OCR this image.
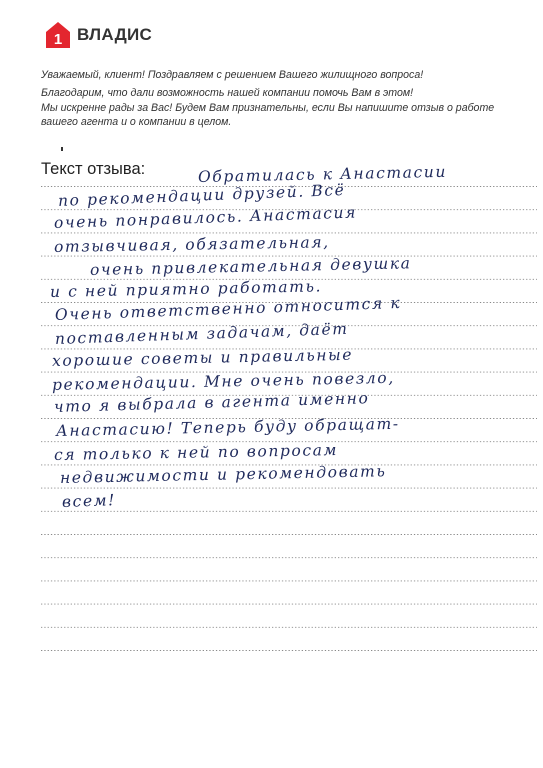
1 ВЛАДИС

Уважаемый, клиент! Поздравляем с решением Вашего жилищного вопроса!

Благодарим, что дали возможность нашей компании помочь Вам в этом!

Мы искренне рады за Вас! Будем Вам признательны, если Вы напишите отзыв о работе

вашего агента и о компании в целом.

Текст отзыва:	Обратилась к Анастасии
по рекомендации друзей. Всё
очень понравилось. Анастасия
отзывчивая, обязательная,
очень привлекательная девушка
и с ней приятно работать.
Очень ответственно относится к
поставленным задачам, даёт
хорошие советы и правильные
рекомендации. Мне очень повезло,
что я выбрала в агента именно
Анастасию! Теперь буду обращат-
ся только к ней по вопросам
недвижимости и рекомендовать
всем!
